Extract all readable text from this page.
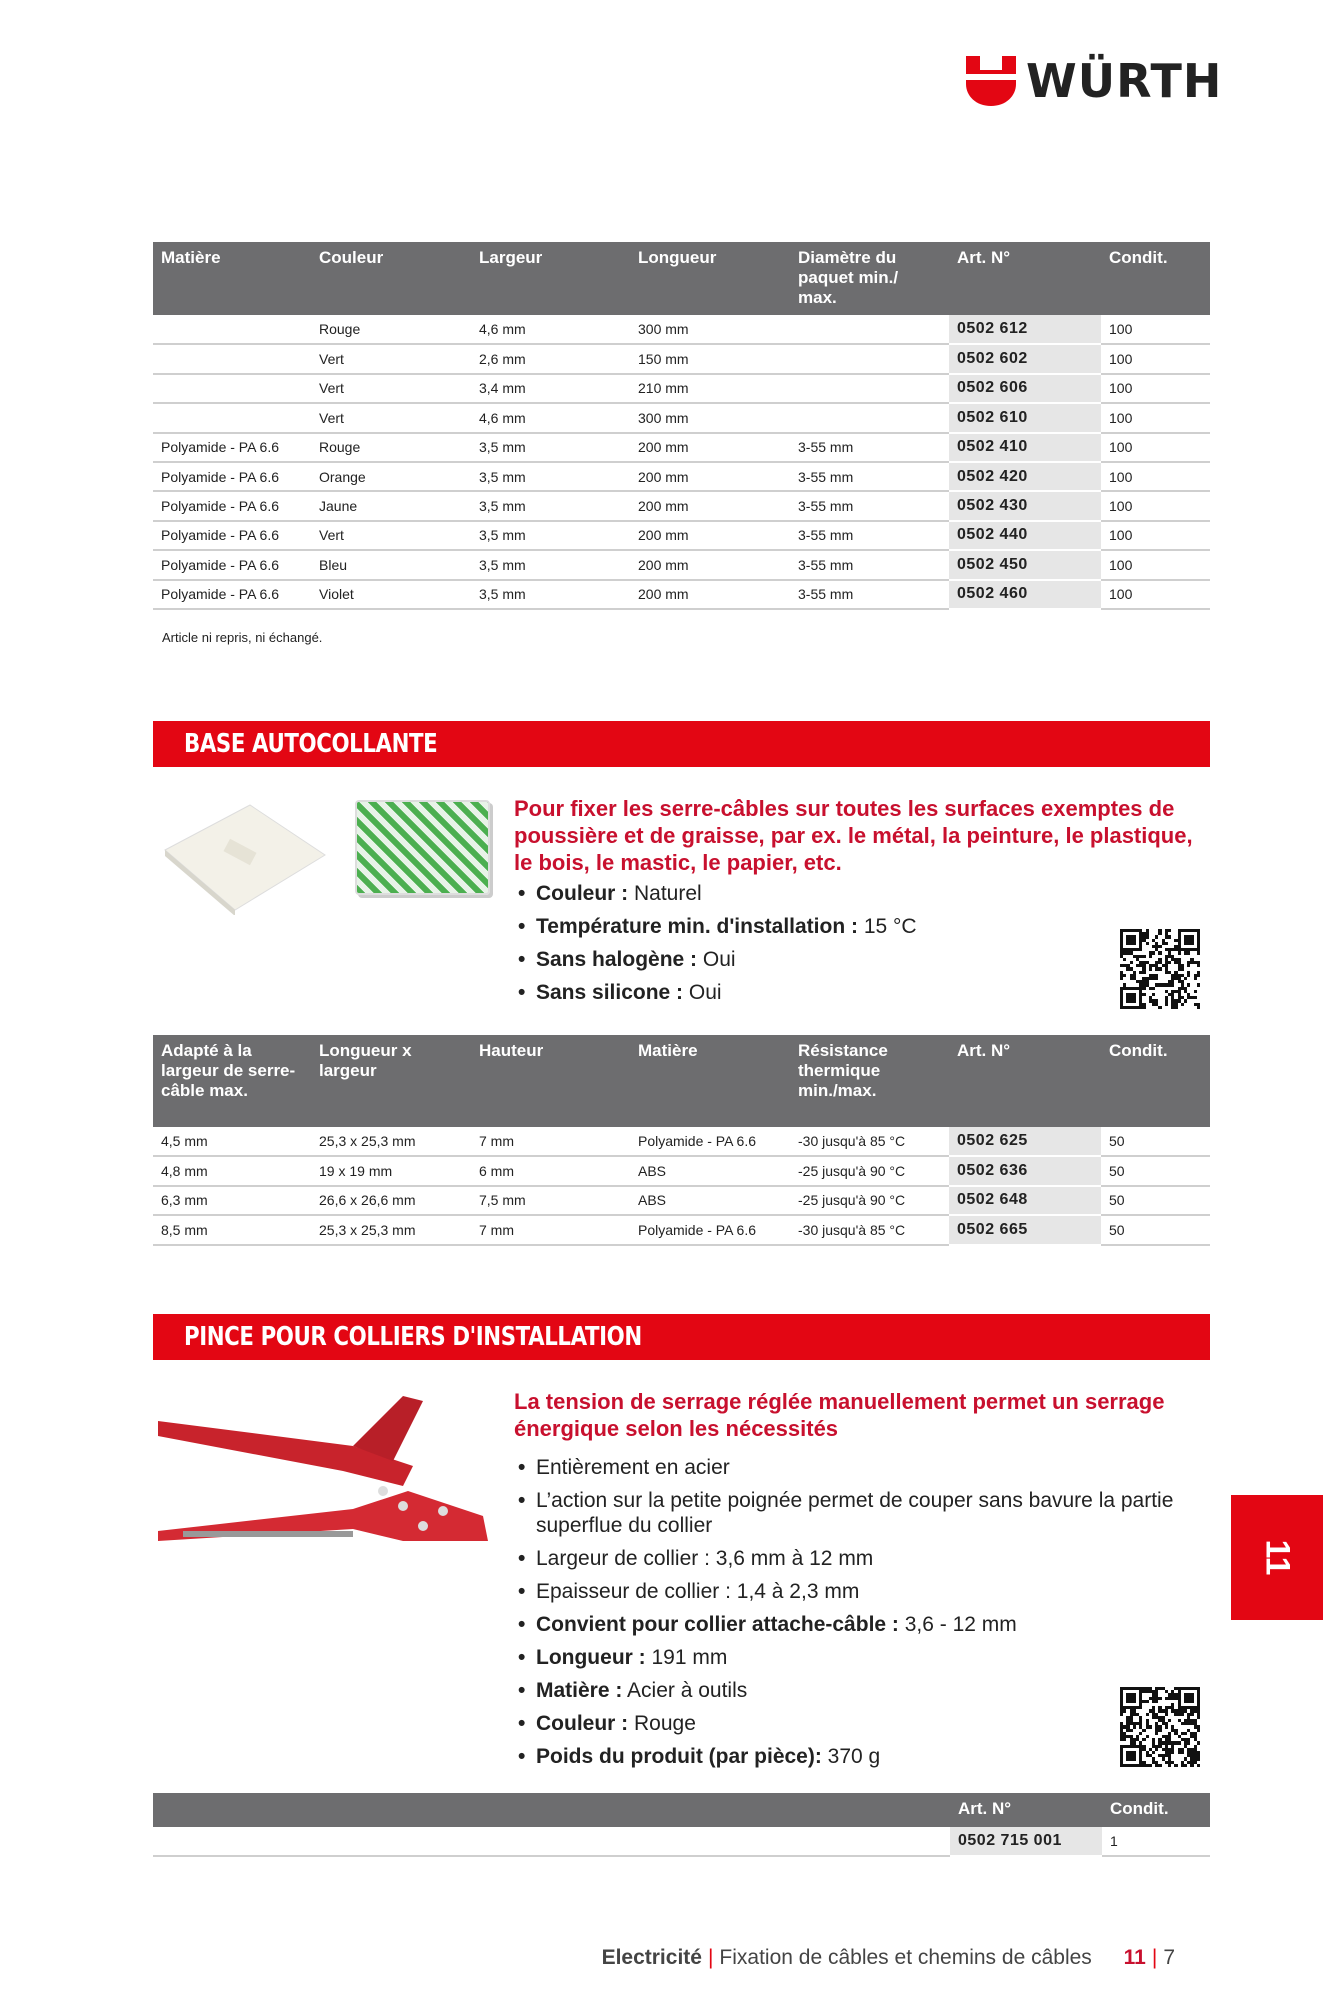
WÜRTH
Matière	Couleur	Largeur	Longueur	Diamètre du paquet min./ max.	Art. N°	Condit.
	Rouge	4,6 mm	300 mm		0502 612	100
	Vert	2,6 mm	150 mm		0502 602	100
	Vert	3,4 mm	210 mm		0502 606	100
	Vert	4,6 mm	300 mm		0502 610	100
Polyamide - PA 6.6	Rouge	3,5 mm	200 mm	3-55 mm	0502 410	100
Polyamide - PA 6.6	Orange	3,5 mm	200 mm	3-55 mm	0502 420	100
Polyamide - PA 6.6	Jaune	3,5 mm	200 mm	3-55 mm	0502 430	100
Polyamide - PA 6.6	Vert	3,5 mm	200 mm	3-55 mm	0502 440	100
Polyamide - PA 6.6	Bleu	3,5 mm	200 mm	3-55 mm	0502 450	100
Polyamide - PA 6.6	Violet	3,5 mm	200 mm	3-55 mm	0502 460	100
Article ni repris, ni échangé.
BASE AUTOCOLLANTE
Pour fixer les serre-câbles sur toutes les surfaces exemptes de poussière et de graisse, par ex. le métal, la peinture, le plastique, le bois, le mastic, le papier, etc.
• Couleur : Naturel
• Température min. d'installation : 15 °C
• Sans halogène : Oui
• Sans silicone : Oui
Adapté à la largeur de serre-câble max.	Longueur x largeur	Hauteur	Matière	Résistance thermique min./max.	Art. N°	Condit.
4,5 mm	25,3 x 25,3 mm	7 mm	Polyamide - PA 6.6	-30 jusqu'à 85 °C	0502 625	50
4,8 mm	19 x 19 mm	6 mm	ABS	-25 jusqu'à 90 °C	0502 636	50
6,3 mm	26,6 x 26,6 mm	7,5 mm	ABS	-25 jusqu'à 90 °C	0502 648	50
8,5 mm	25,3 x 25,3 mm	7 mm	Polyamide - PA 6.6	-30 jusqu'à 85 °C	0502 665	50
PINCE POUR COLLIERS D'INSTALLATION
La tension de serrage réglée manuellement permet un serrage énergique selon les nécessités
• Entièrement en acier
• L’action sur la petite poignée permet de couper sans bavure la partie superflue du collier
• Largeur de collier : 3,6 mm à 12 mm
• Epaisseur de collier : 1,4 à 2,3 mm
• Convient pour collier attache-câble : 3,6 - 12 mm
• Longueur : 191 mm
• Matière : Acier à outils
• Couleur : Rouge
• Poids du produit (par pièce): 370 g
	Art. N°	Condit.
	0502 715 001	1
11
Electricité | Fixation de câbles et chemins de câbles 11 | 7
